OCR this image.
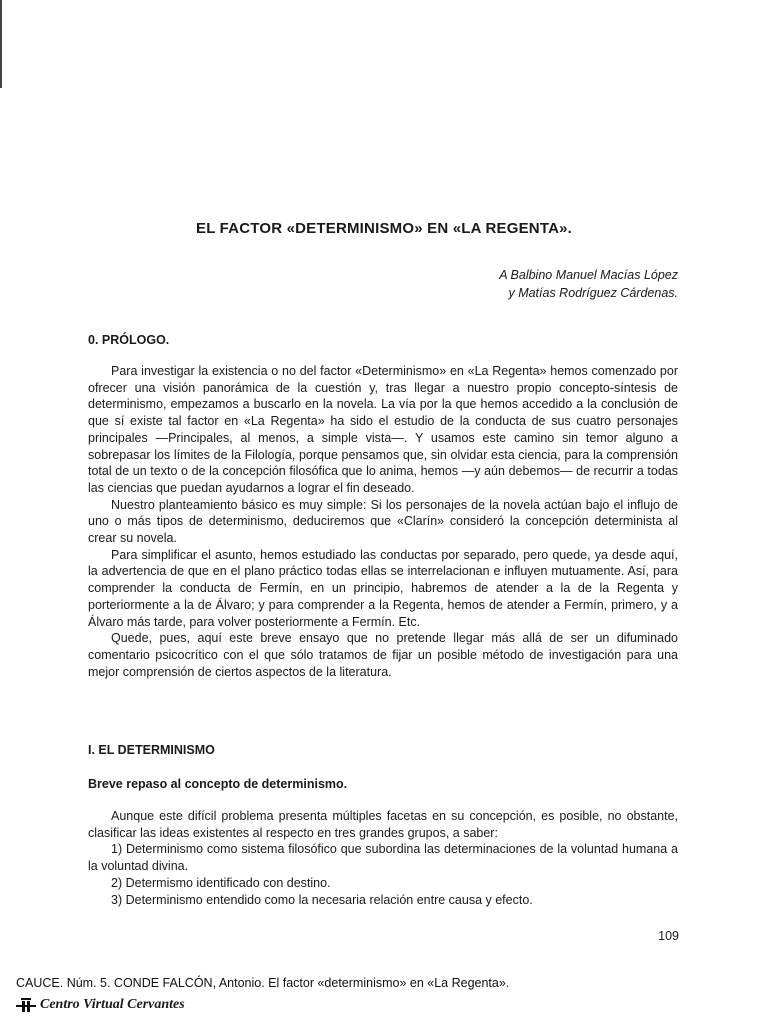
EL FACTOR «DETERMINISMO» EN «LA REGENTA».
A Balbino Manuel Macías López
y Matías Rodríguez Cárdenas.
0. PRÓLOGO.

Para investigar la existencia o no del factor «Determinismo» en «La Regenta» hemos comenzado por ofrecer una visión panorámica de la cuestión y, tras llegar a nuestro propio concepto-síntesis de determinismo, empezamos a buscarlo en la novela. La vía por la que hemos accedido a la conclusión de que sí existe tal factor en «La Regenta» ha sido el estudio de la conducta de sus cuatro personajes principales —Principales, al menos, a simple vista—. Y usamos este camino sin temor alguno a sobrepasar los límites de la Filología, porque pensamos que, sin olvidar esta ciencia, para la comprensión total de un texto o de la concepción filosófica que lo anima, hemos —y aún debemos— de recurrir a todas las ciencias que puedan ayudarnos a lograr el fin deseado.

Nuestro planteamiento básico es muy simple: Si los personajes de la novela actúan bajo el influjo de uno o más tipos de determinismo, deduciremos que «Clarín» consideró la concepción determinista al crear su novela.

Para simplificar el asunto, hemos estudiado las conductas por separado, pero quede, ya desde aquí, la advertencia de que en el plano práctico todas ellas se interrelacionan e influyen mutuamente. Así, para comprender la conducta de Fermín, en un principio, habremos de atender a la de la Regenta y porteriormente a la de Álvaro; y para comprender a la Regenta, hemos de atender a Fermín, primero, y a Álvaro más tarde, para volver posteriormente a Fermín. Etc.

Quede, pues, aquí este breve ensayo que no pretende llegar más allá de ser un difuminado comentario psicocrítico con el que sólo tratamos de fijar un posible método de investigación para una mejor comprensión de ciertos aspectos de la literatura.

I. EL DETERMINISMO
Breve repaso al concepto de determinismo.

Aunque este difícil problema presenta múltiples facetas en su concepción, es posible, no obstante, clasificar las ideas existentes al respecto en tres grandes grupos, a saber:

1) Determinismo como sistema filosófico que subordina las determinaciones de la voluntad humana a la voluntad divina.
2) Determismo identificado con destino.
3) Determinismo entendido como la necesaria relación entre causa y efecto.
109
CAUCE. Núm. 5. CONDE FALCÓN, Antonio. El factor «determinismo» en «La Regenta».
Centro Virtual Cervantes
